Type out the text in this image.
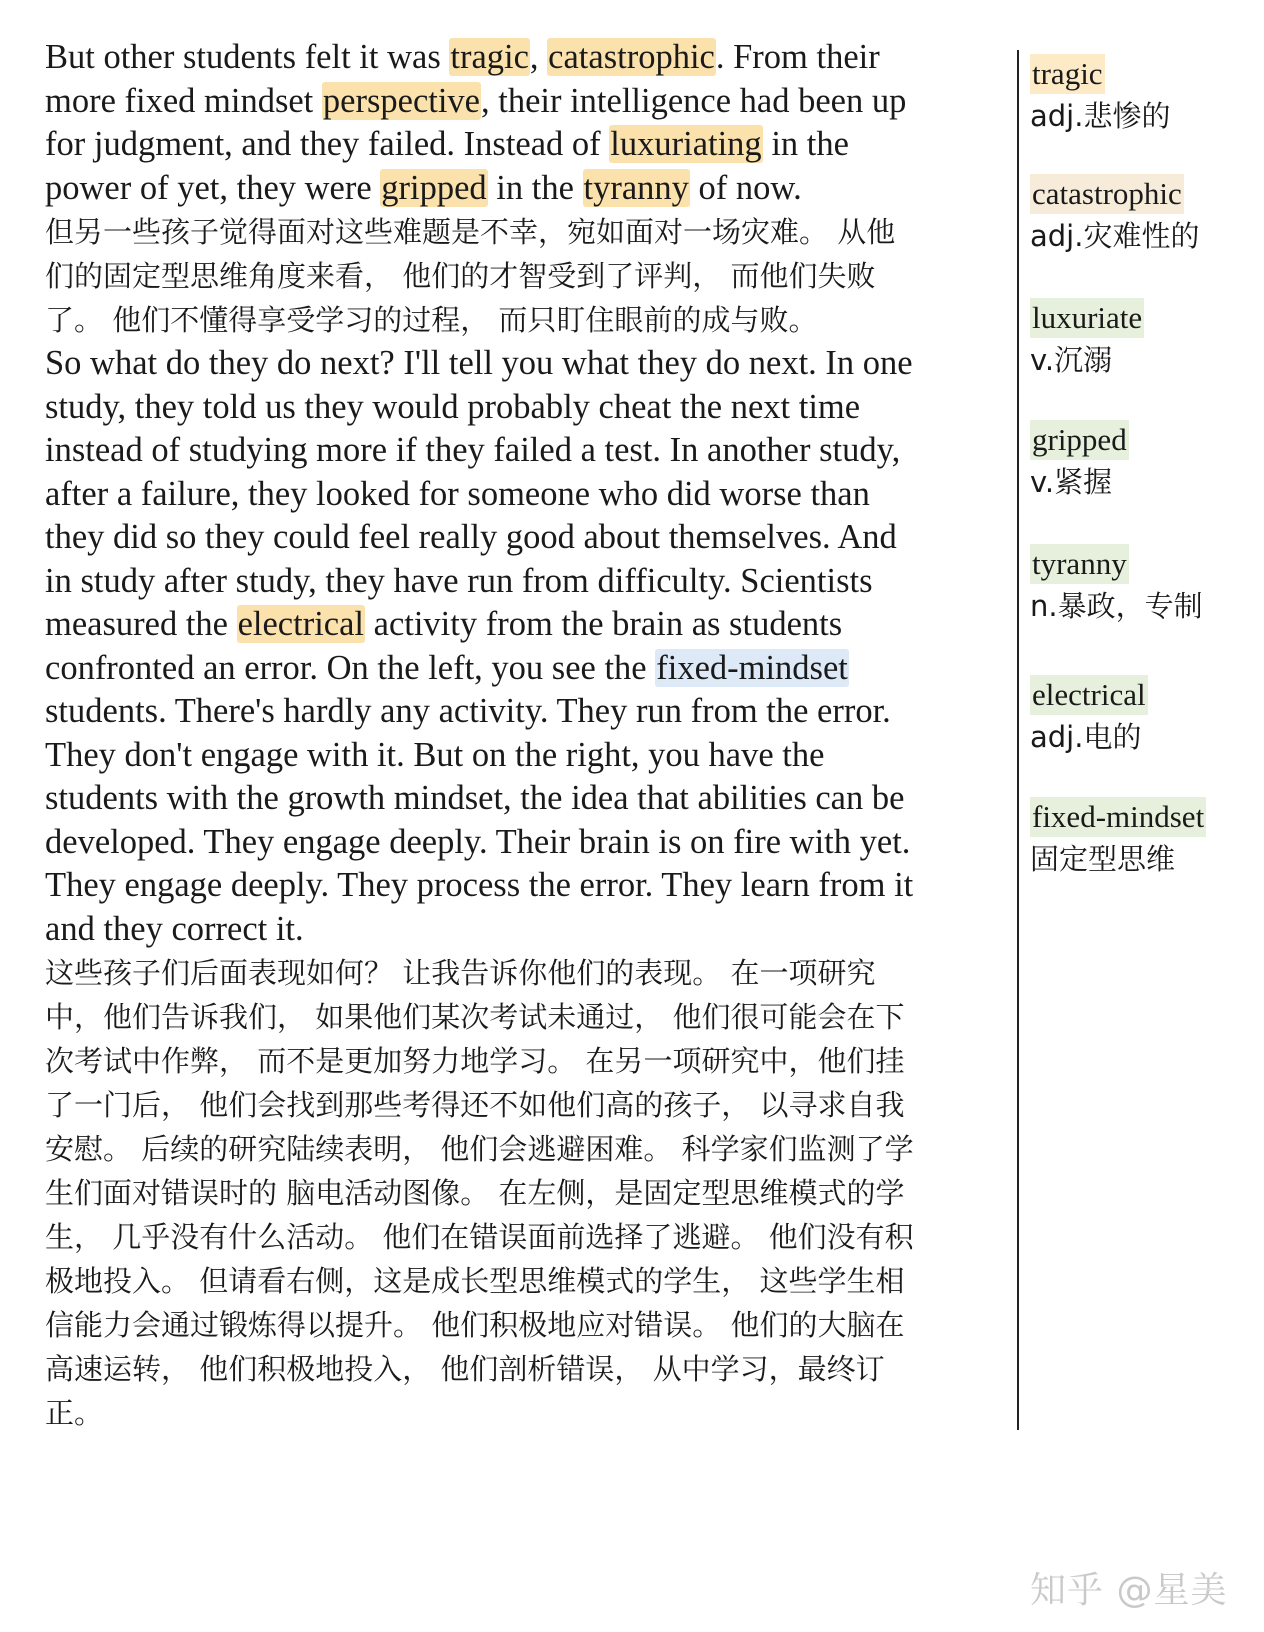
But other students felt it was tragic, catastrophic. From their
more fixed mindset perspective, their intelligence had been up
for judgment, and they failed. Instead of luxuriating in the
power of yet, they were gripped in the tyranny of now.
但另一些孩子觉得面对这些难题是不幸，宛如面对一场灾难。 从他
们的固定型思维角度来看， 他们的才智受到了评判， 而他们失败
了。 他们不懂得享受学习的过程， 而只盯住眼前的成与败。
So what do they do next? I'll tell you what they do next. In one
study, they told us they would probably cheat the next time
instead of studying more if they failed a test. In another study,
after a failure, they looked for someone who did worse than
they did so they could feel really good about themselves. And
in study after study, they have run from difficulty. Scientists
measured the electrical activity from the brain as students
confronted an error. On the left, you see the fixed-mindset
students. There's hardly any activity. They run from the error.
They don't engage with it. But on the right, you have the
students with the growth mindset, the idea that abilities can be
developed. They engage deeply. Their brain is on fire with yet.
They engage deeply. They process the error. They learn from it
and they correct it.
这些孩子们后面表现如何？ 让我告诉你他们的表现。 在一项研究
中，他们告诉我们， 如果他们某次考试未通过， 他们很可能会在下
次考试中作弊， 而不是更加努力地学习。 在另一项研究中，他们挂
了一门后， 他们会找到那些考得还不如他们高的孩子， 以寻求自我
安慰。 后续的研究陆续表明， 他们会逃避困难。 科学家们监测了学
生们面对错误时的 脑电活动图像。 在左侧，是固定型思维模式的学
生， 几乎没有什么活动。 他们在错误面前选择了逃避。 他们没有积
极地投入。 但请看右侧，这是成长型思维模式的学生， 这些学生相
信能力会通过锻炼得以提升。 他们积极地应对错误。 他们的大脑在
高速运转， 他们积极地投入， 他们剖析错误， 从中学习，最终订
正。
tragic
adj.悲惨的
catastrophic
adj.灾难性的
luxuriate
v.沉溺
gripped
v.紧握
tyranny
n.暴政，专制
electrical
adj.电的
fixed-mindset
固定型思维
知乎 @星美
